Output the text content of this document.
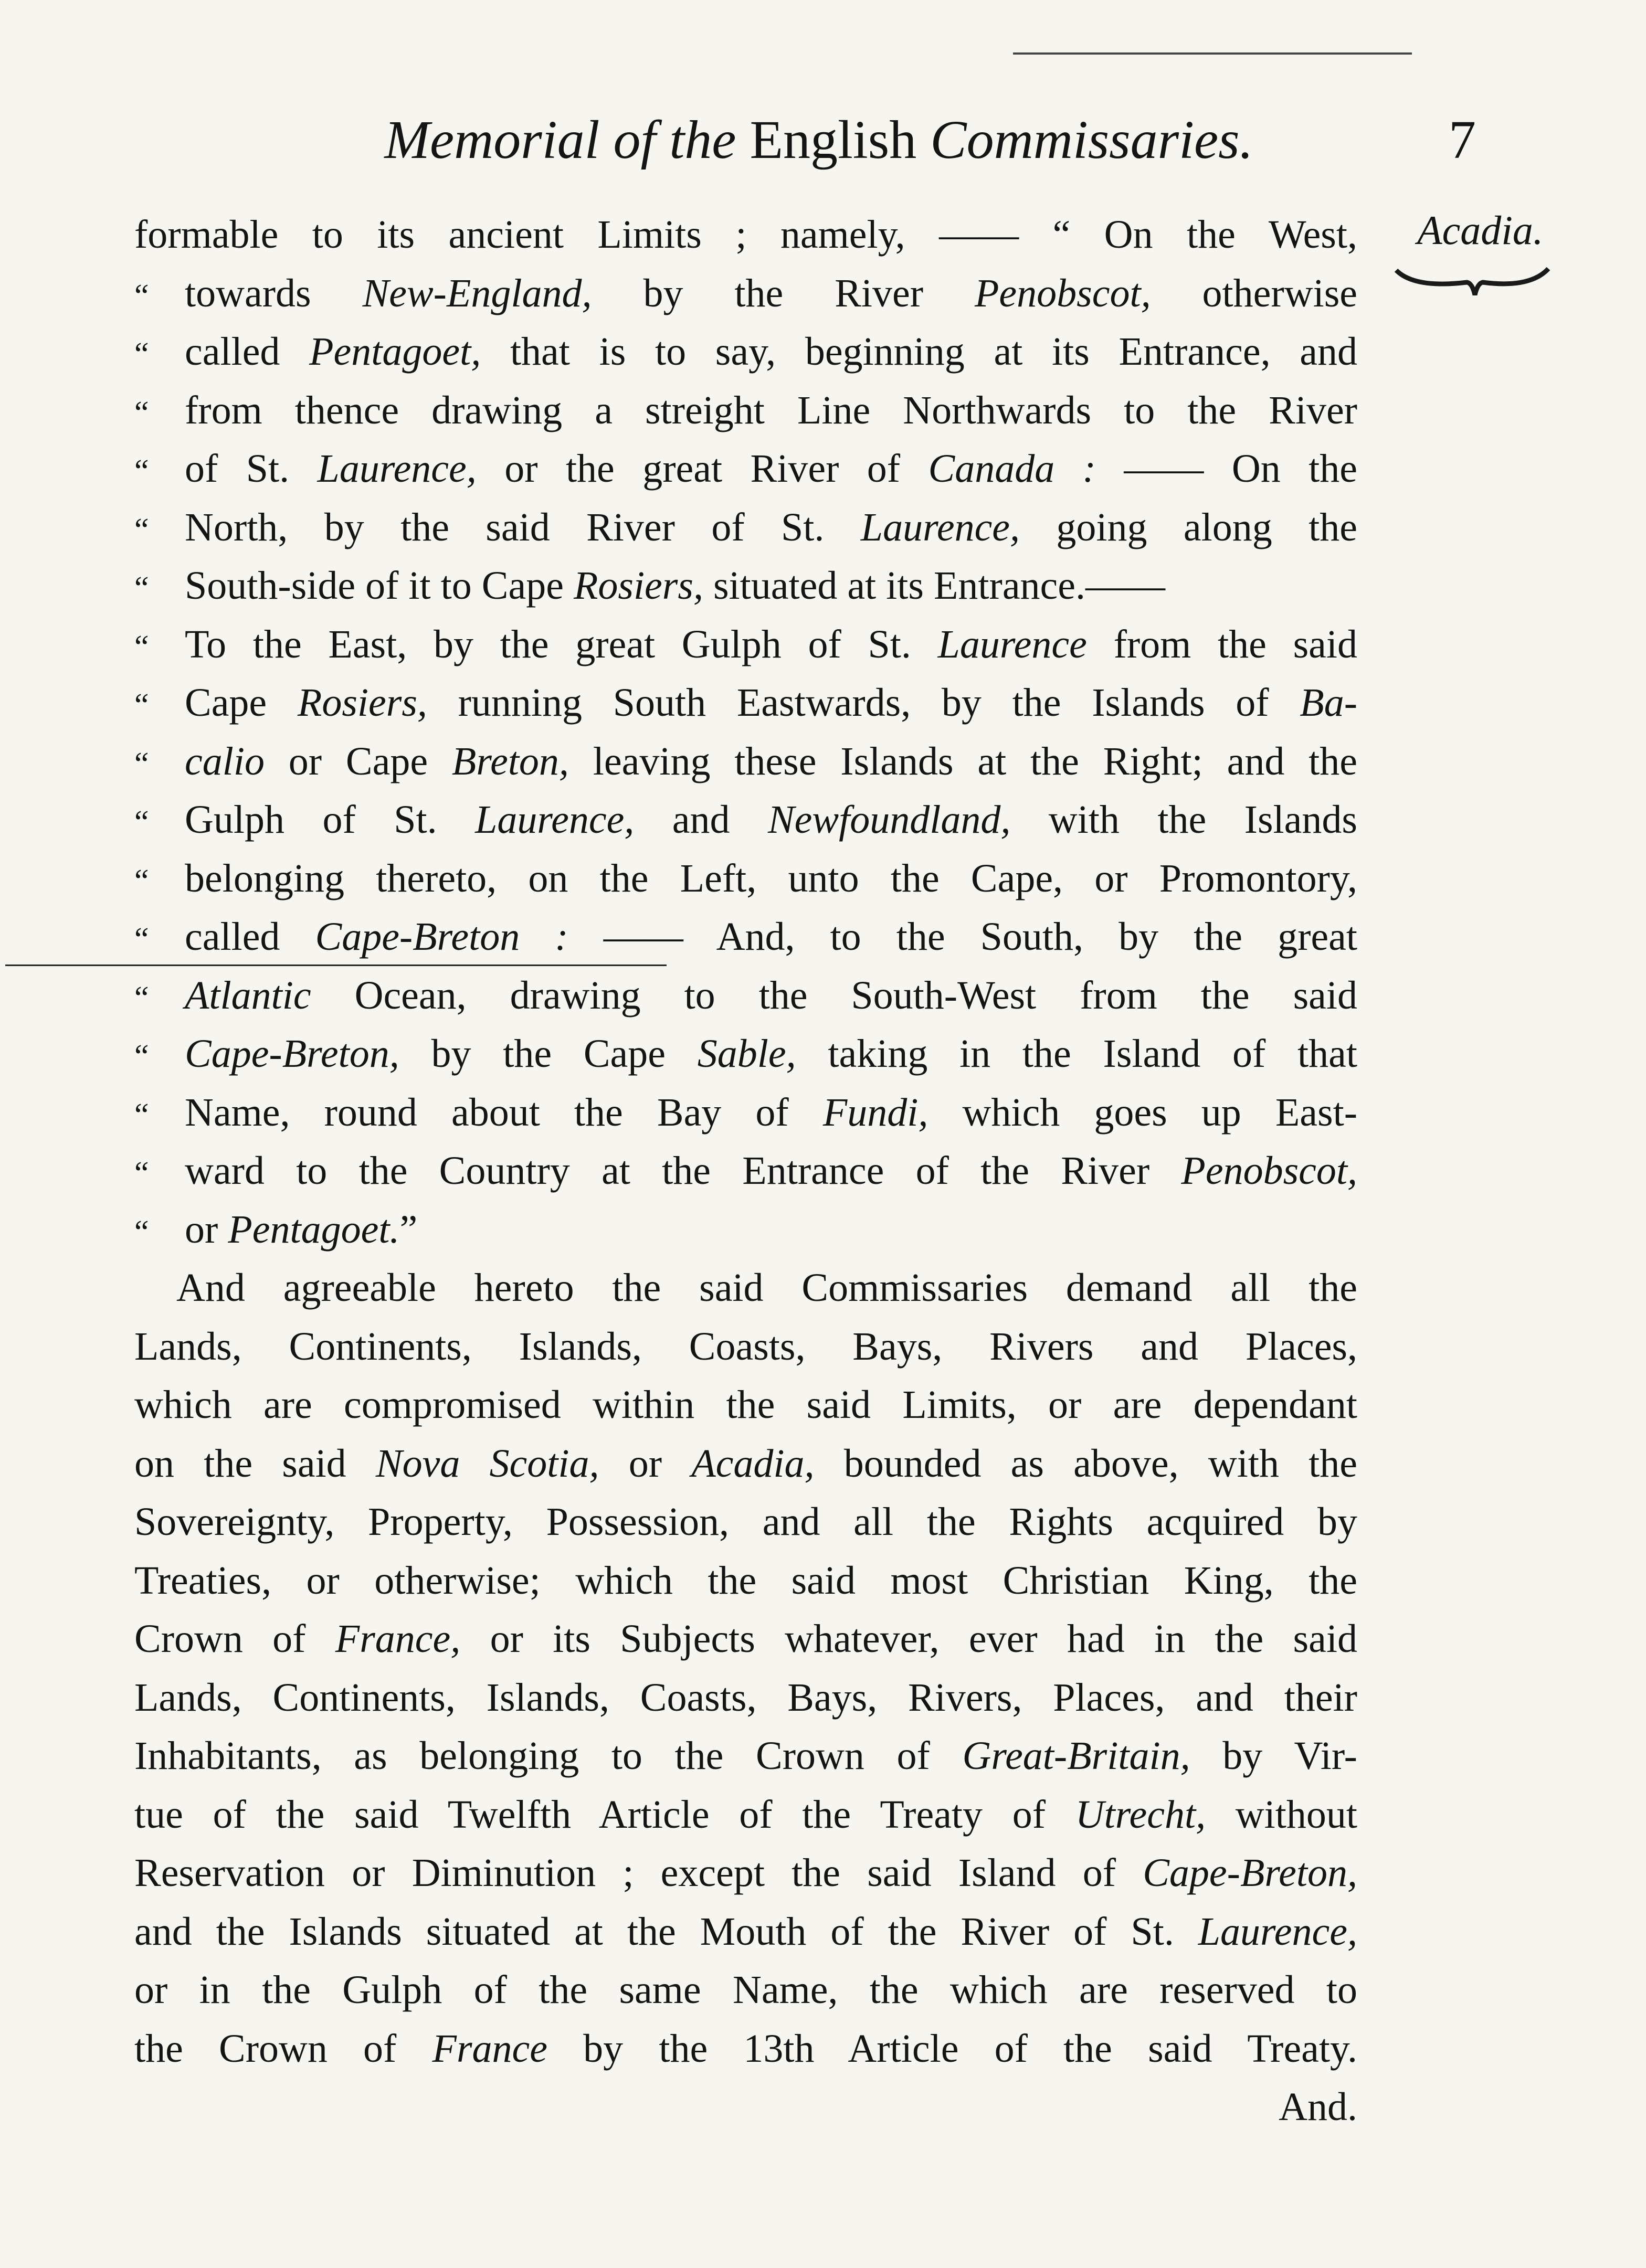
Memorial of the English Commissaries.	7
Acadia.
formable to its ancient Limits ; namely, —— “ On the West,
“ towards New-England, by the River Penobscot, otherwise
“ called Pentagoet, that is to say, beginning at its Entrance, and
“ from thence drawing a streight Line Northwards to the River
“ of St. Laurence, or the great River of Canada : —— On the
“ North, by the said River of St. Laurence, going along the
“ South-side of it to Cape Rosiers, situated at its Entrance.——
“ To the East, by the great Gulph of St. Laurence from the said
“ Cape Rosiers, running South Eastwards, by the Islands of Ba-
“ calio or Cape Breton, leaving these Islands at the Right; and the
“ Gulph of St. Laurence, and Newfoundland, with the Islands
“ belonging thereto, on the Left, unto the Cape, or Promontory,
“ called Cape-Breton : —— And, to the South, by the great
“ Atlantic Ocean, drawing to the South-West from the said
“ Cape-Breton, by the Cape Sable, taking in the Island of that
“ Name, round about the Bay of Fundi, which goes up East-
“ ward to the Country at the Entrance of the River Penobscot,
“ or Pentagoet.”
And agreeable hereto the said Commissaries demand all the
Lands, Continents, Islands, Coasts, Bays, Rivers and Places,
which are compromised within the said Limits, or are dependant
on the said Nova Scotia, or Acadia, bounded as above, with the
Sovereignty, Property, Possession, and all the Rights acquired by
Treaties, or otherwise; which the said most Christian King, the
Crown of France, or its Subjects whatever, ever had in the said
Lands, Continents, Islands, Coasts, Bays, Rivers, Places, and their
Inhabitants, as belonging to the Crown of Great-Britain, by Vir-
tue of the said Twelfth Article of the Treaty of Utrecht, without
Reservation or Diminution ; except the said Island of Cape-Breton,
and the Islands situated at the Mouth of the River of St. Laurence,
or in the Gulph of the same Name, the which are reserved to
the Crown of France by the 13th Article of the said Treaty.
And.
